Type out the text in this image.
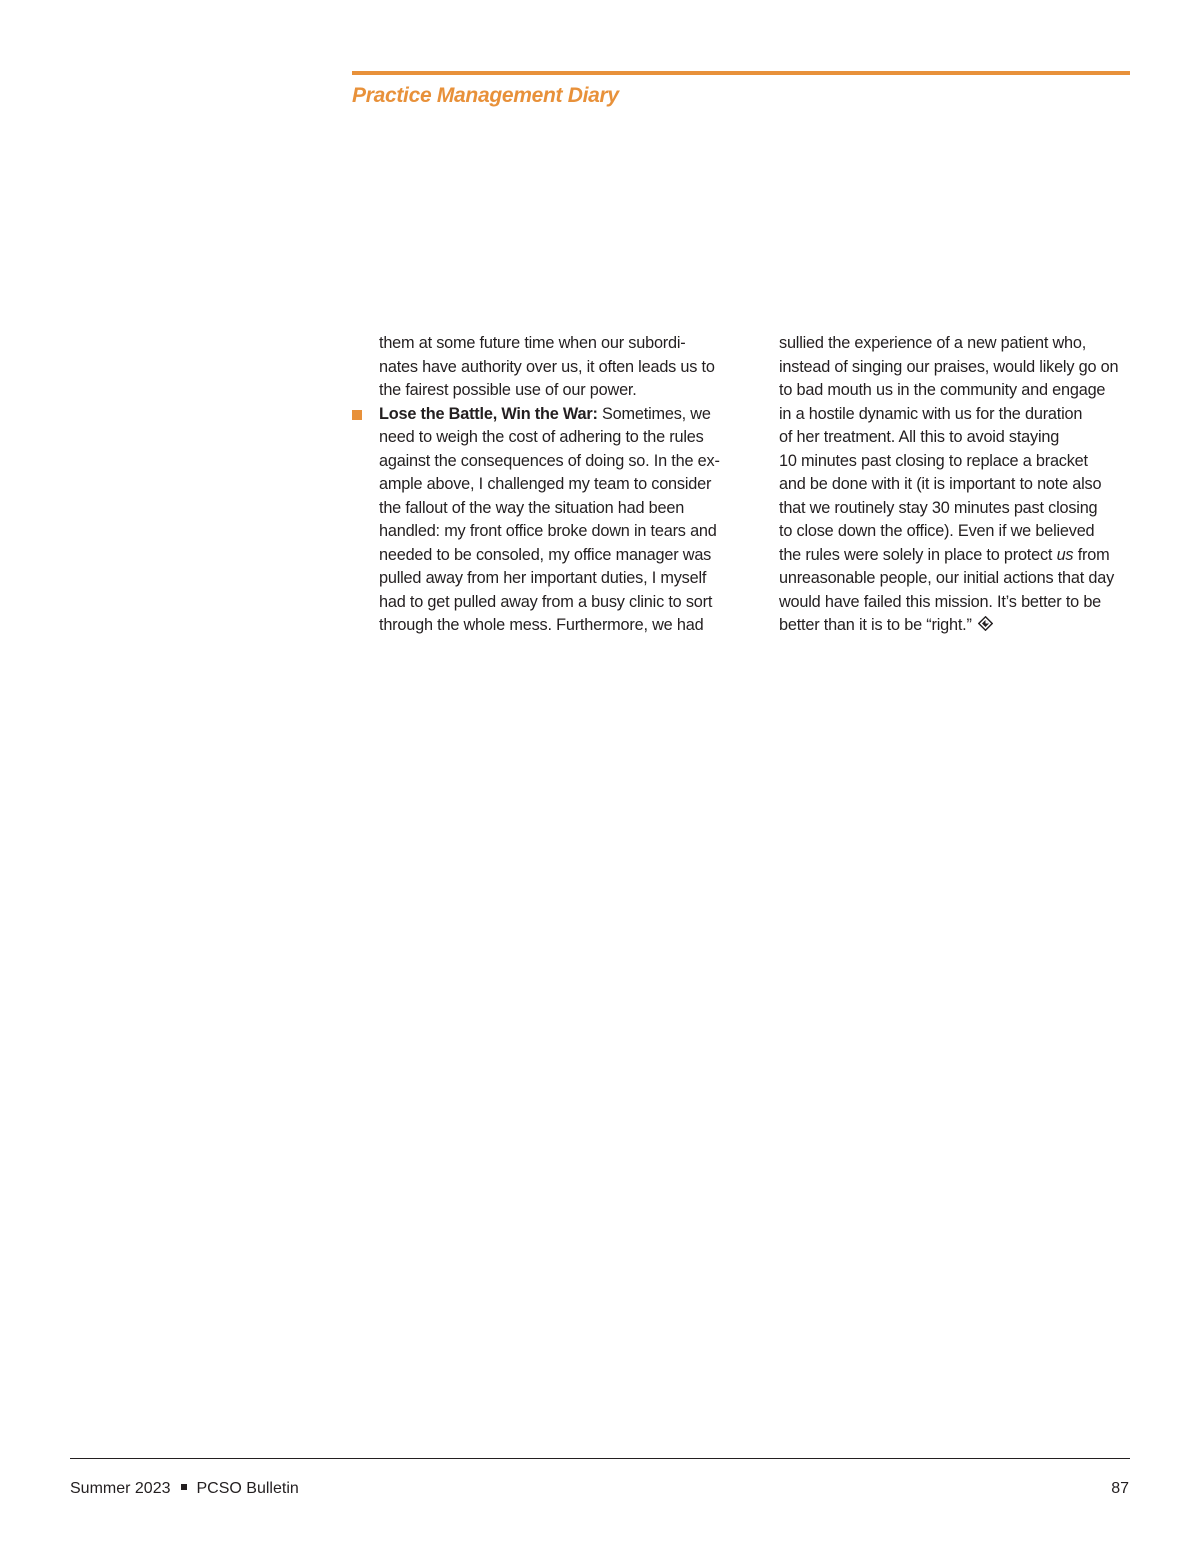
Practice Management Diary
them at some future time when our subordi-
nates have authority over us, it often leads us to
the fairest possible use of our power.
Lose the Battle, Win the War: Sometimes, we
need to weigh the cost of adhering to the rules
against the consequences of doing so. In the ex-
ample above, I challenged my team to consider
the fallout of the way the situation had been
handled: my front office broke down in tears and
needed to be consoled, my office manager was
pulled away from her important duties, I myself
had to get pulled away from a busy clinic to sort
through the whole mess. Furthermore, we had
sullied the experience of a new patient who,
instead of singing our praises, would likely go on
to bad mouth us in the community and engage
in a hostile dynamic with us for the duration
of her treatment. All this to avoid staying
10 minutes past closing to replace a bracket
and be done with it (it is important to note also
that we routinely stay 30 minutes past closing
to close down the office). Even if we believed
the rules were solely in place to protect us from
unreasonable people, our initial actions that day
would have failed this mission. It’s better to be
better than it is to be “right.”
Summer 2023 PCSO Bulletin	87
